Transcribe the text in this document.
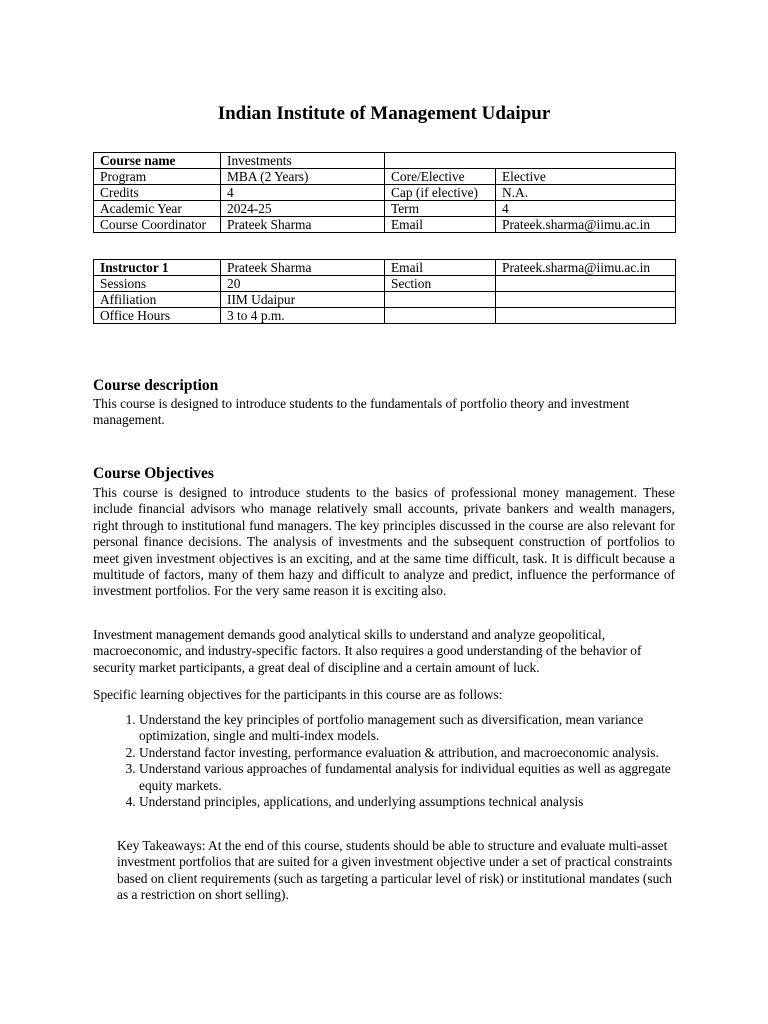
Indian Institute of Management Udaipur
Course name	Investments		
Program	MBA (2 Years)	Core/Elective	Elective
Credits	4	Cap (if elective)	N.A.
Academic Year	2024-25	Term	4
Course Coordinator	Prateek Sharma	Email	Prateek.sharma@iimu.ac.in
Instructor 1	Prateek Sharma	Email	Prateek.sharma@iimu.ac.in
Sessions	20	Section	
Affiliation	IIM Udaipur		
Office Hours	3 to 4 p.m.		
Course description
This course is designed to introduce students to the fundamentals of portfolio theory and investment management.
Course Objectives
This course is designed to introduce students to the basics of professional money management. These include financial advisors who manage relatively small accounts, private bankers and wealth managers, right through to institutional fund managers. The key principles discussed in the course are also relevant for personal finance decisions. The analysis of investments and the subsequent construction of portfolios to meet given investment objectives is an exciting, and at the same time difficult, task. It is difficult because a multitude of factors, many of them hazy and difficult to analyze and predict, influence the performance of investment portfolios. For the very same reason it is exciting also.
Investment management demands good analytical skills to understand and analyze geopolitical, macroeconomic, and industry-specific factors. It also requires a good understanding of the behavior of security market participants, a great deal of discipline and a certain amount of luck.
Specific learning objectives for the participants in this course are as follows:
1. Understand the key principles of portfolio management such as diversification, mean variance optimization, single and multi-index models.
2. Understand factor investing, performance evaluation & attribution, and macroeconomic analysis.
3. Understand various approaches of fundamental analysis for individual equities as well as aggregate equity markets.
4. Understand principles, applications, and underlying assumptions technical analysis
Key Takeaways: At the end of this course, students should be able to structure and evaluate multi-asset investment portfolios that are suited for a given investment objective under a set of practical constraints based on client requirements (such as targeting a particular level of risk) or institutional mandates (such as a restriction on short selling).
